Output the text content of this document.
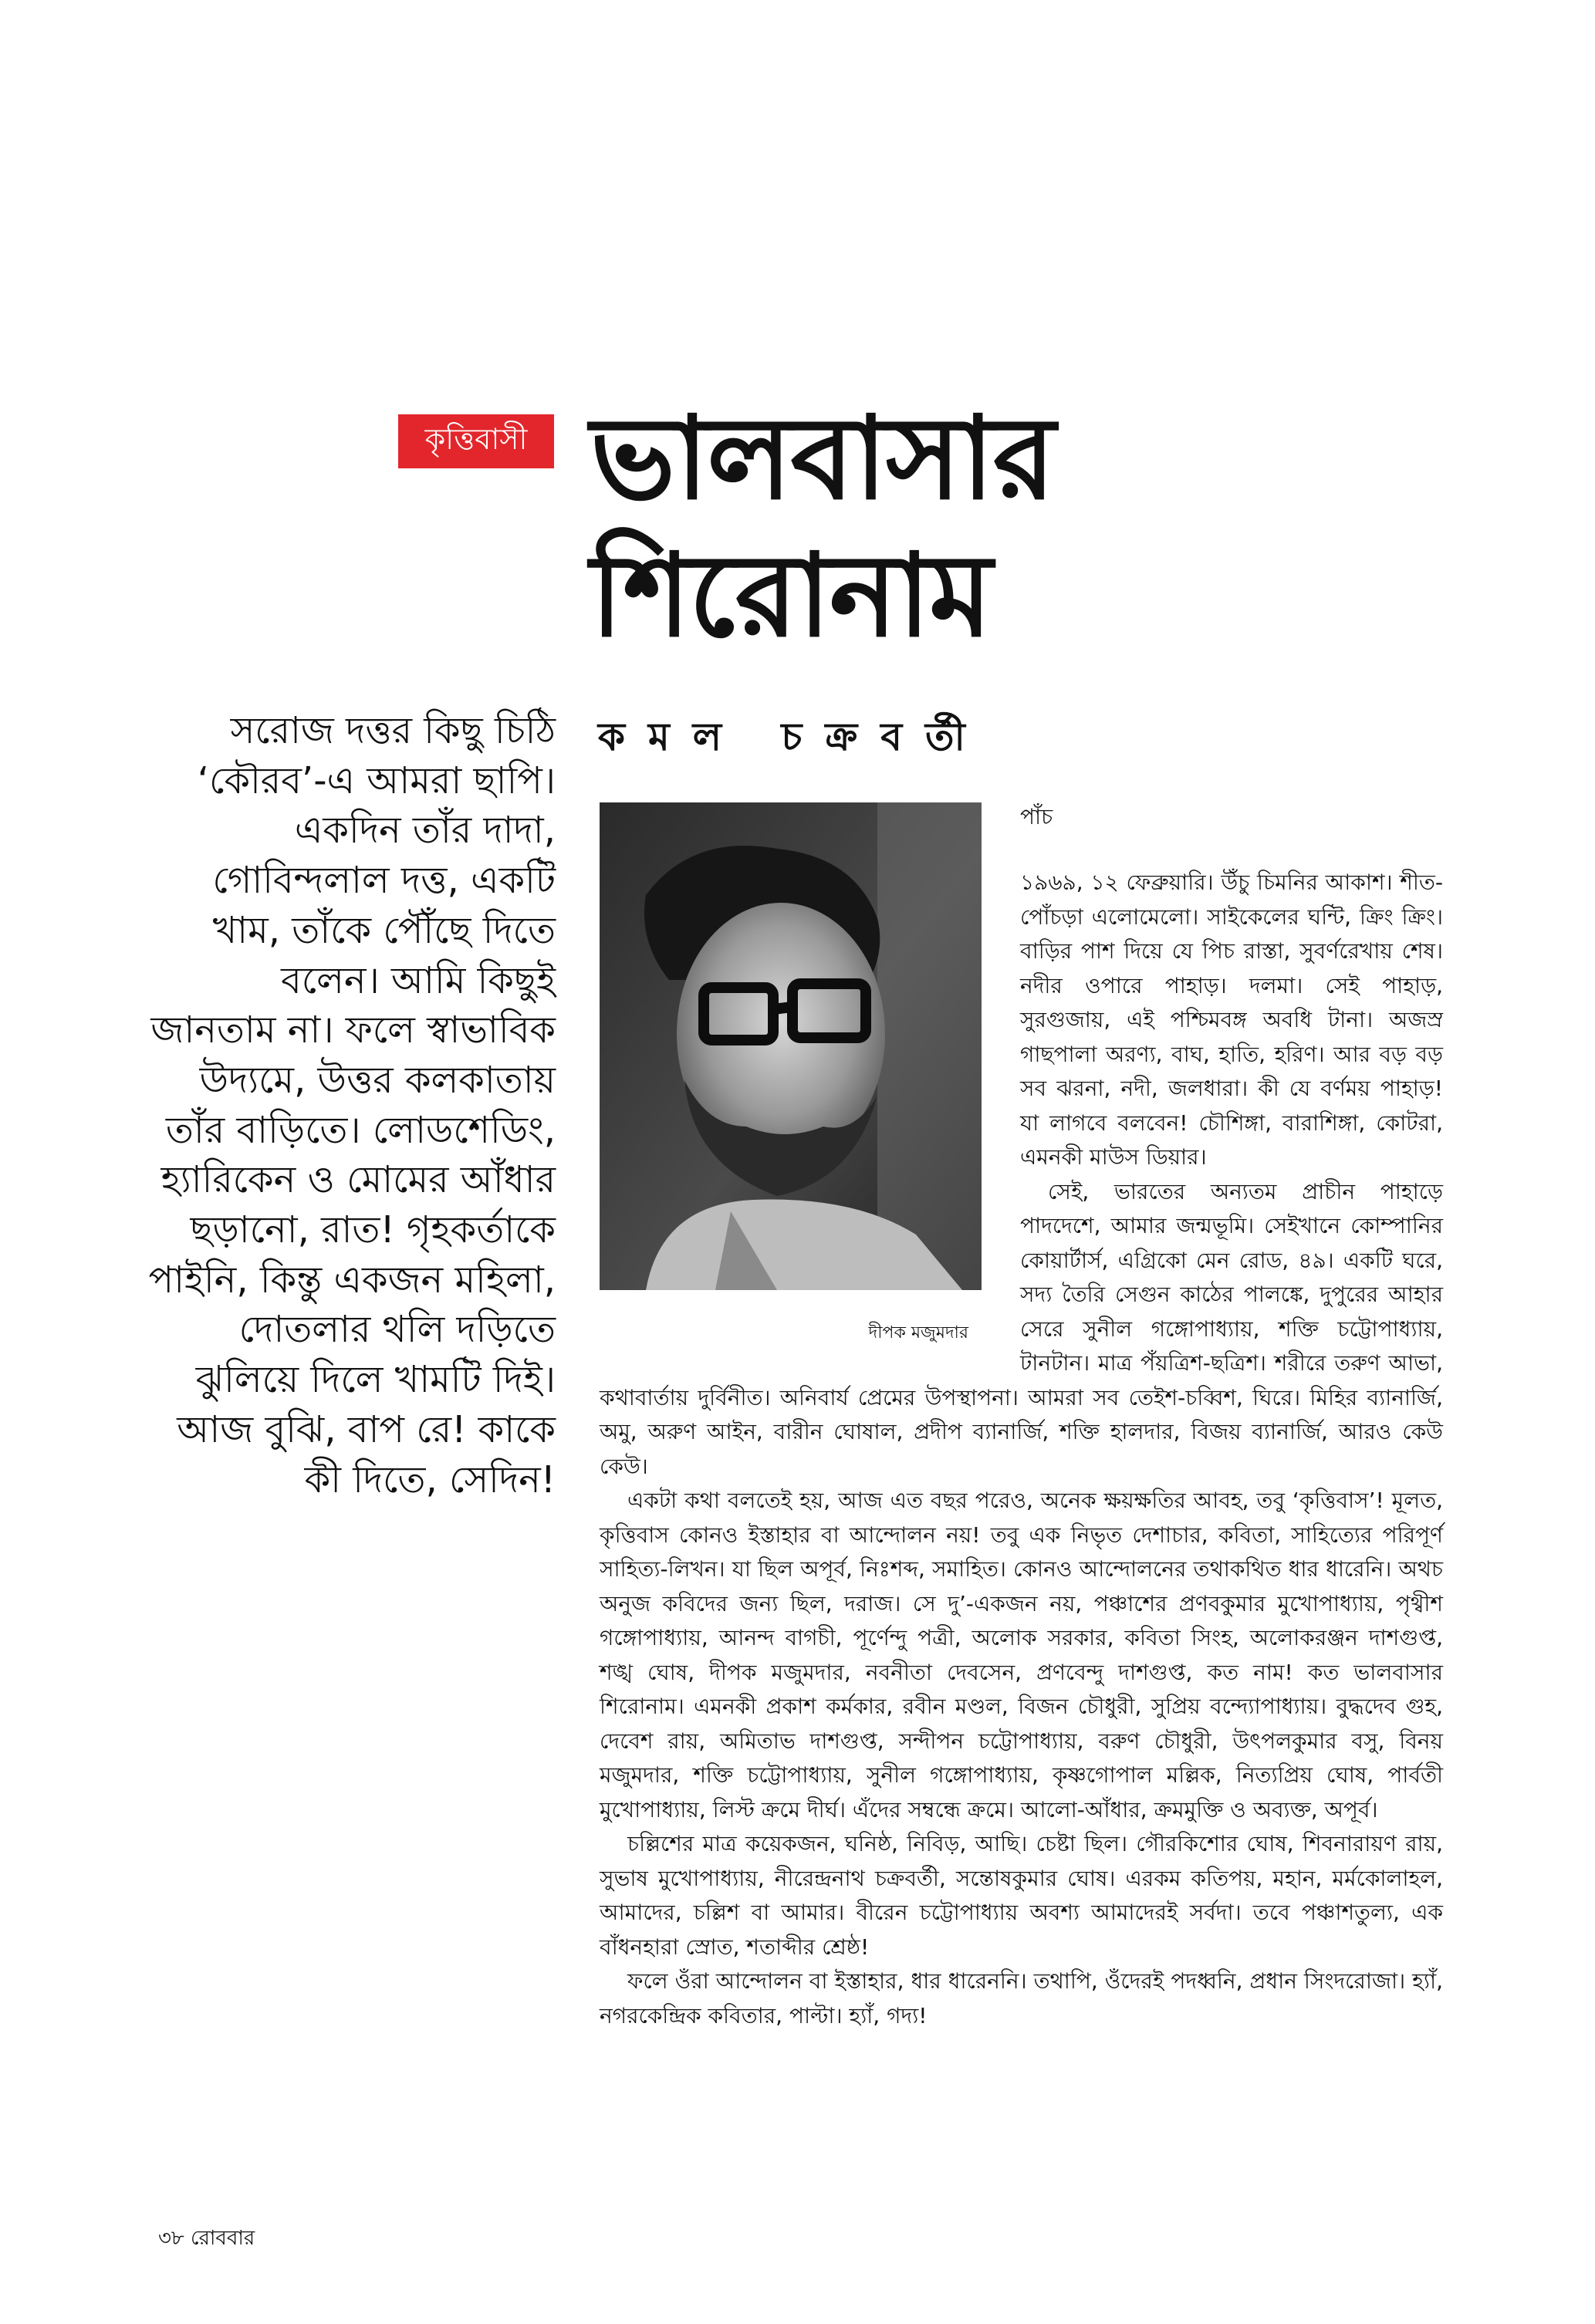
কৃত্তিবাসী ভালবাসার
শিরোনাম
কমল চক্রবর্তী
সরোজ দত্তর কিছু চিঠি ‘কৌরব’-এ আমরা ছাপি। একদিন তাঁর দাদা, গোবিন্দলাল দত্ত, একটি খাম, তাঁকে পৌঁছে দিতে বলেন। আমি কিছুই জানতাম না। ফলে স্বাভাবিক উদ্যমে, উত্তর কলকাতায় তাঁর বাড়িতে। লোডশেডিং, হ্যারিকেন ও মোমের আঁধার ছড়ানো, রাত! গৃহকর্তাকে পাইনি, কিন্তু একজন মহিলা, দোতলার থলি দড়িতে ঝুলিয়ে দিলে খামটি দিই। আজ বুঝি, বাপ রে! কাকে কী দিতে, সেদিন!
দীপক মজুমদার
পাঁচ

১৯৬৯, ১২ ফেব্রুয়ারি। উঁচু চিমনির আকাশ। শীত-পোঁচড়া এলোমেলো। সাইকেলের ঘন্টি, ক্রিং ক্রিং। বাড়ির পাশ দিয়ে যে পিচ রাস্তা, সুবর্ণরেখায় শেষ। নদীর ওপারে পাহাড়। দলমা। সেই পাহাড়, সুরগুজায়, এই পশ্চিমবঙ্গ অবধি টানা। অজস্র গাছপালা অরণ্য, বাঘ, হাতি, হরিণ। আর বড় বড় সব ঝরনা, নদী, জলধারা। কী যে বর্ণময় পাহাড়! যা লাগবে বলবেন! চৌশিঙ্গা, বারাশিঙ্গা, কোটরা, এমনকী মাউস ডিয়ার।

সেই, ভারতের অন্যতম প্রাচীন পাহাড়ে পাদদেশে, আমার জন্মভূমি। সেইখানে কোম্পানির কোয়ার্টার্স, এগ্রিকো মেন রোড, ৪৯। একটি ঘরে, সদ্য তৈরি সেগুন কাঠের পালঙ্কে, দুপুরের আহার সেরে সুনীল গঙ্গোপাধ্যায়, শক্তি চট্টোপাধ্যায়, টানটান। মাত্র পঁয়ত্রিশ-ছত্রিশ। শরীরে তরুণ আভা, কথাবার্তায় দুর্বিনীত। অনিবার্য প্রেমের উপস্থাপনা। আমরা সব তেইশ-চব্বিশ, ঘিরে। মিহির ব্যানার্জি, অমু, অরুণ আইন, বারীন ঘোষাল, প্রদীপ ব্যানার্জি, শক্তি হালদার, বিজয় ব্যানার্জি, আরও কেউ কেউ।

একটা কথা বলতেই হয়, আজ এত বছর পরেও, অনেক ক্ষয়ক্ষতির আবহ, তবু ‘কৃত্তিবাস’! মূলত, কৃত্তিবাস কোনও ইস্তাহার বা আন্দোলন নয়! তবু এক নিভৃত দেশাচার, কবিতা, সাহিত্যের পরিপূর্ণ সাহিত্য-লিখন। যা ছিল অপূর্ব, নিঃশব্দ, সমাহিত। কোনও আন্দোলনের তথাকথিত ধার ধারেনি। অথচ অনুজ কবিদের জন্য ছিল, দরাজ। সে দু’-একজন নয়, পঞ্চাশের প্রণবকুমার মুখোপাধ্যায়, পৃথ্বীশ গঙ্গোপাধ্যায়, আনন্দ বাগচী, পূর্ণেন্দু পত্রী, অলোক সরকার, কবিতা সিংহ, অলোকরঞ্জন দাশগুপ্ত, শঙ্খ ঘোষ, দীপক মজুমদার, নবনীতা দেবসেন, প্রণবেন্দু দাশগুপ্ত, কত নাম! কত ভালবাসার শিরোনাম। এমনকী প্রকাশ কর্মকার, রবীন মণ্ডল, বিজন চৌধুরী, সুপ্রিয় বন্দ্যোপাধ্যায়। বুদ্ধদেব গুহ, দেবেশ রায়, অমিতাভ দাশগুপ্ত, সন্দীপন চট্টোপাধ্যায়, বরুণ চৌধুরী, উৎপলকুমার বসু, বিনয় মজুমদার, শক্তি চট্টোপাধ্যায়, সুনীল গঙ্গোপাধ্যায়, কৃষ্ণগোপাল মল্লিক, নিত্যপ্রিয় ঘোষ, পার্বতী মুখোপাধ্যায়, লিস্ট ক্রমে দীর্ঘ। এঁদের সম্বন্ধে ক্রমে। আলো-আঁধার, ক্রমমুক্তি ও অব্যক্ত, অপূর্ব।

চল্লিশের মাত্র কয়েকজন, ঘনিষ্ঠ, নিবিড়, আছি। চেষ্টা ছিল। গৌরকিশোর ঘোষ, শিবনারায়ণ রায়, সুভাষ মুখোপাধ্যায়, নীরেন্দ্রনাথ চক্রবর্তী, সন্তোষকুমার ঘোষ। এরকম কতিপয়, মহান, মর্মকোলাহল, আমাদের, চল্লিশ বা আমার। বীরেন চট্টোপাধ্যায় অবশ্য আমাদেরই সর্বদা। তবে পঞ্চাশতুল্য, এক বাঁধনহারা স্রোত, শতাব্দীর শ্রেষ্ঠ!

ফলে ওঁরা আন্দোলন বা ইস্তাহার, ধার ধারেননি। তথাপি, ওঁদেরই পদধ্বনি, প্রধান সিংদরোজা। হ্যাঁ, নগরকেন্দ্রিক কবিতার, পাল্টা। হ্যাঁ, গদ্য!

৩৮ রোববার
